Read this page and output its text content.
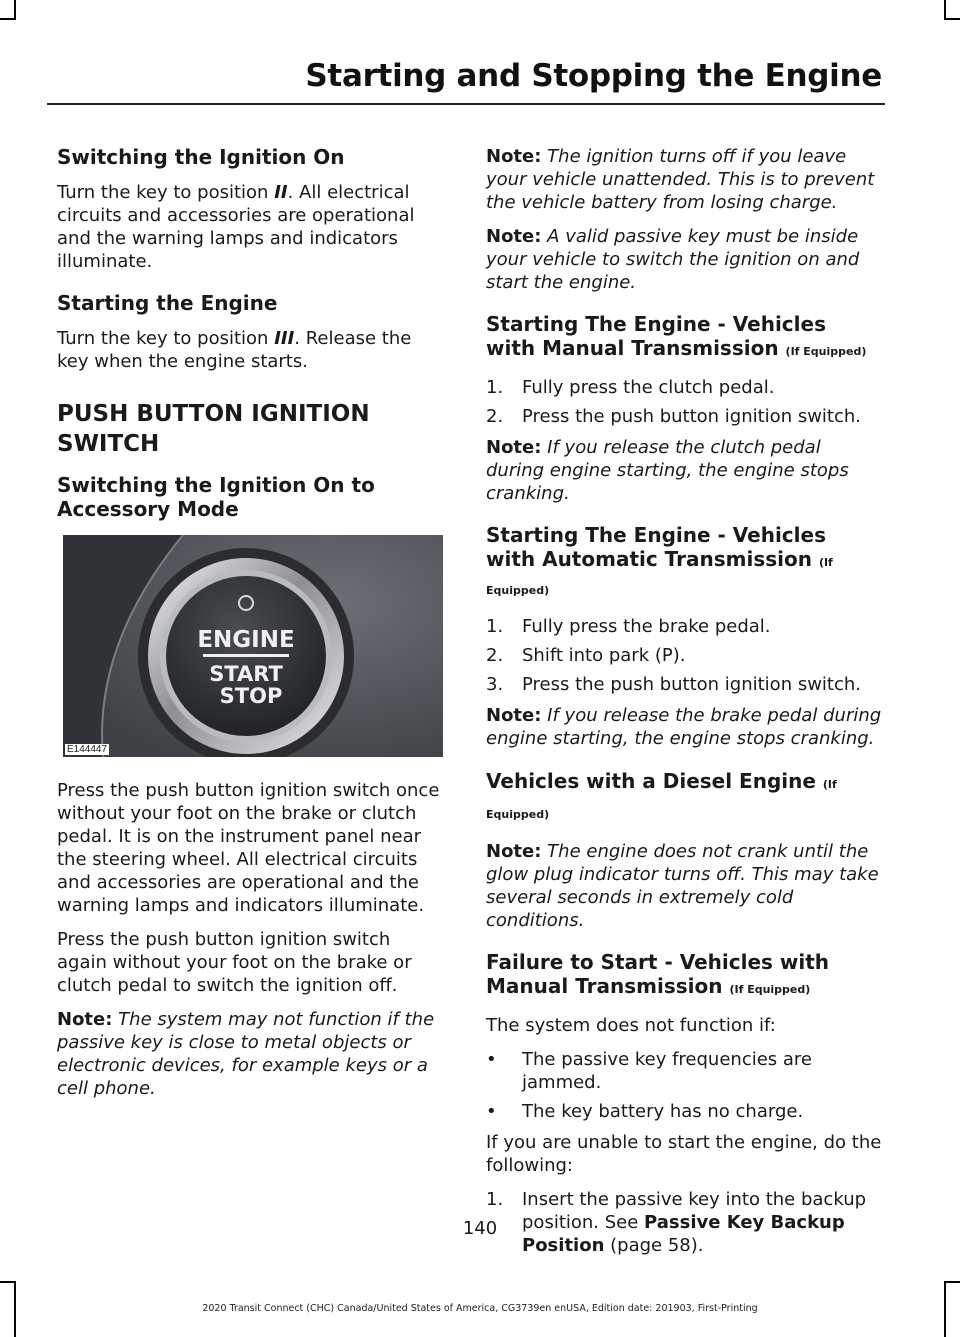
Starting and Stopping the Engine
Switching the Ignition On

Turn the key to position II. All electrical circuits and accessories are operational and the warning lamps and indicators illuminate.

Starting the Engine

Turn the key to position III. Release the key when the engine starts.

PUSH BUTTON IGNITION
SWITCH
Switching the Ignition On to Accessory Mode
ENGINE
START
STOP
E144447

Press the push button ignition switch once without your foot on the brake or clutch pedal. It is on the instrument panel near the steering wheel. All electrical circuits and accessories are operational and the warning lamps and indicators illuminate.

Press the push button ignition switch again without your foot on the brake or clutch pedal to switch the ignition off.

Note: The system may not function if the passive key is close to metal objects or electronic devices, for example keys or a cell phone.

Note: The ignition turns off if you leave your vehicle unattended. This is to prevent the vehicle battery from losing charge.

Note: A valid passive key must be inside your vehicle to switch the ignition on and start the engine.

Starting The Engine - Vehicles with Manual Transmission (If Equipped)
1. Fully press the clutch pedal.
2. Press the push button ignition switch.

Note: If you release the clutch pedal during engine starting, the engine stops cranking.

Starting The Engine - Vehicles with Automatic Transmission (If Equipped)
1. Fully press the brake pedal.
2. Shift into park (P).
3. Press the push button ignition switch.

Note: If you release the brake pedal during engine starting, the engine stops cranking.

Vehicles with a Diesel Engine (If
Equipped)

Note: The engine does not crank until the glow plug indicator turns off. This may take several seconds in extremely cold conditions.

Failure to Start - Vehicles with Manual Transmission (If Equipped)

The system does not function if:

• The passive key frequencies are jammed.
• The key battery has no charge.

If you are unable to start the engine, do the following:

1. Insert the passive key into the backup position. See Passive Key Backup Position (page 58).
140
2020 Transit Connect (CHC) Canada/United States of America, CG3739en enUSA, Edition date: 201903, First-Printing
